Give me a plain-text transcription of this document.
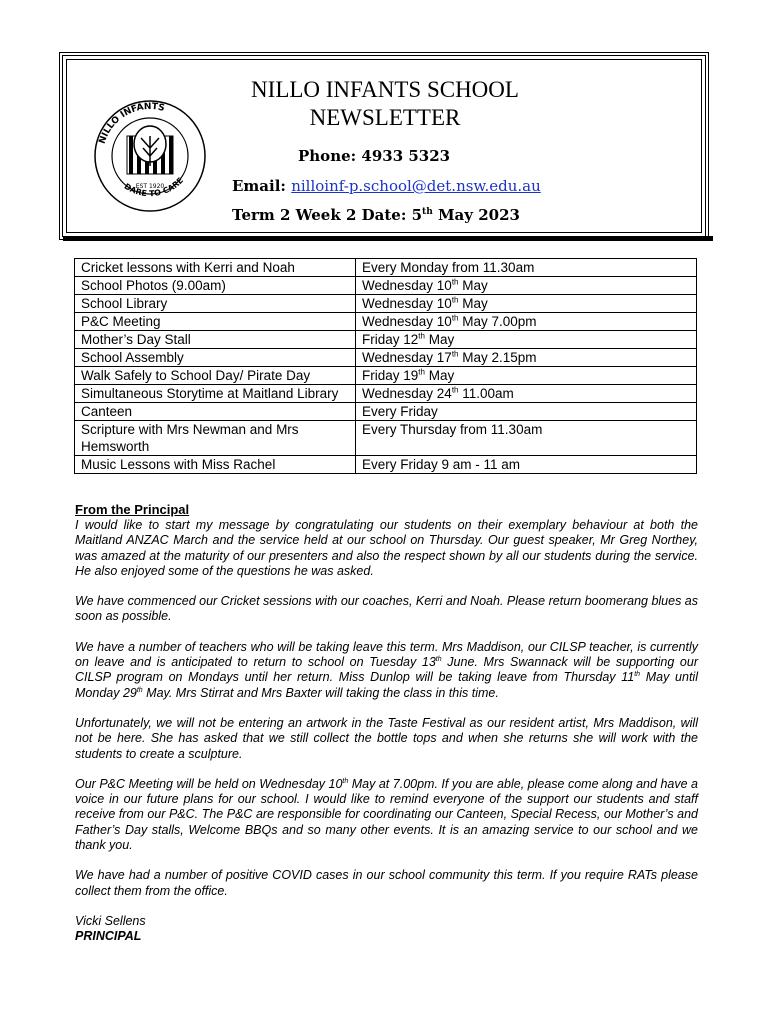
NILLO INFANTS
DARE TO CARE
EST 1920
NILLO INFANTS SCHOOL
NEWSLETTER
Phone: 4933 5323
Email: nilloinf-p.school@det.nsw.edu.au
Term 2 Week 2 Date: 5th May 2023
Cricket lessons with Kerri and Noah	Every Monday from 11.30am
School Photos (9.00am)	Wednesday 10th May
School Library	Wednesday 10th May
P&C Meeting	Wednesday 10th May 7.00pm
Mother’s Day Stall	Friday 12th May
School Assembly	Wednesday 17th May 2.15pm
Walk Safely to School Day/ Pirate Day	Friday 19th May
Simultaneous Storytime at Maitland Library	Wednesday 24th 11.00am
Canteen	Every Friday
Scripture with Mrs Newman and Mrs Hemsworth	Every Thursday from 11.30am
Music Lessons with Miss Rachel	Every Friday 9 am - 11 am
From the Principal

I would like to start my message by congratulating our students on their exemplary behaviour at both the Maitland ANZAC March and the service held at our school on Thursday. Our guest speaker, Mr Greg Northey, was amazed at the maturity of our presenters and also the respect shown by all our students during the service. He also enjoyed some of the questions he was asked.

We have commenced our Cricket sessions with our coaches, Kerri and Noah. Please return boomerang blues as soon as possible.

We have a number of teachers who will be taking leave this term. Mrs Maddison, our CILSP teacher, is currently on leave and is anticipated to return to school on Tuesday 13th June. Mrs Swannack will be supporting our CILSP program on Mondays until her return. Miss Dunlop will be taking leave from Thursday 11th May until Monday 29th May. Mrs Stirrat and Mrs Baxter will taking the class in this time.

Unfortunately, we will not be entering an artwork in the Taste Festival as our resident artist, Mrs Maddison, will not be here. She has asked that we still collect the bottle tops and when she returns she will work with the students to create a sculpture.

Our P&C Meeting will be held on Wednesday 10th May at 7.00pm. If you are able, please come along and have a voice in our future plans for our school. I would like to remind everyone of the support our students and staff receive from our P&C. The P&C are responsible for coordinating our Canteen, Special Recess, our Mother’s and Father’s Day stalls, Welcome BBQs and so many other events. It is an amazing service to our school and we thank you.

We have had a number of positive COVID cases in our school community this term. If you require RATs please collect them from the office.

Vicki Sellens
PRINCIPAL
